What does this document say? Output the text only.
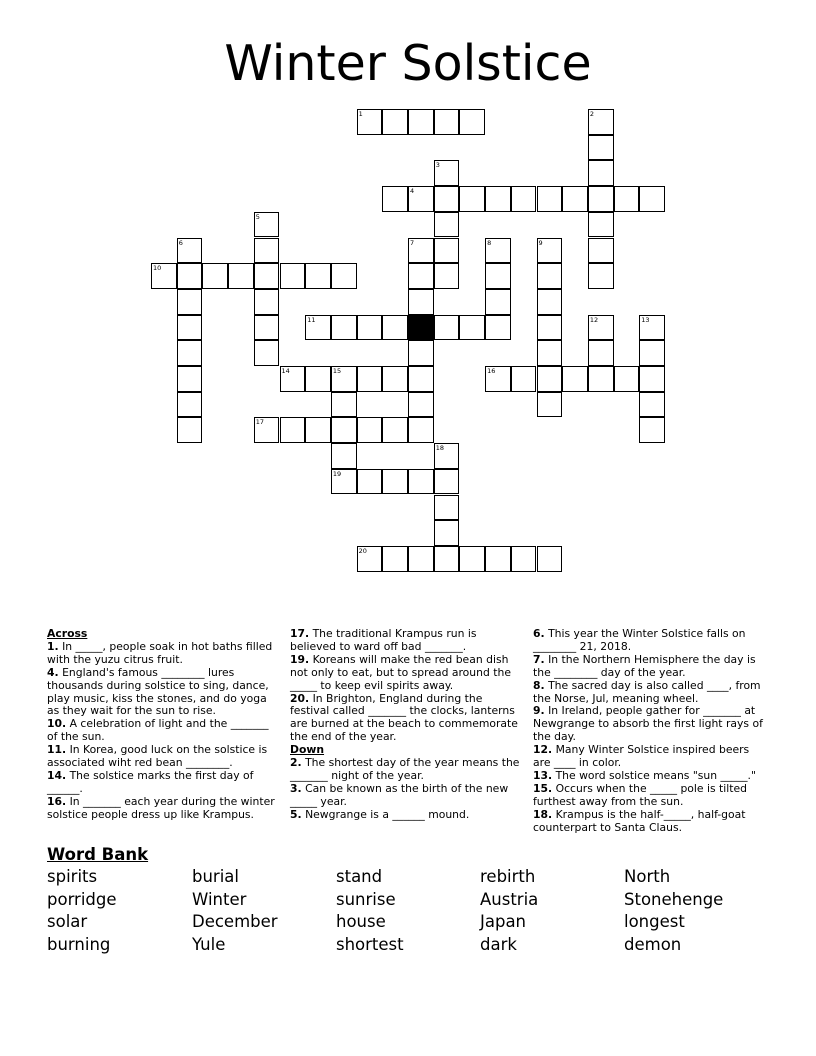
Winter Solstice
1
4
10
11
14	15	16
17
19
20
2
3
5
6	7	8	9
12	13
18
Across
1. In _____, people soak in hot baths filled with the yuzu citrus fruit.
4. England's famous ________ lures thousands during solstice to sing, dance, play music, kiss the stones, and do yoga as they wait for the sun to rise.
10. A celebration of light and the _______ of the sun.
11. In Korea, good luck on the solstice is associated wiht red bean ________.
14. The solstice marks the first day of ______.
16. In _______ each year during the winter solstice people dress up like Krampus.
17. The traditional Krampus run is believed to ward off bad _______.
19. Koreans will make the red bean dish not only to eat, but to spread around the _____ to keep evil spirits away.
20. In Brighton, England during the festival called _______ the clocks, lanterns are burned at the beach to commemorate the end of the year.
Down
2. The shortest day of the year means the _______ night of the year.
3. Can be known as the birth of the new _____ year.
5. Newgrange is a ______ mound.
6. This year the Winter Solstice falls on ________ 21, 2018.
7. In the Northern Hemisphere the day is the ________ day of the year.
8. The sacred day is also called ____, from the Norse, Jul, meaning wheel.
9. In Ireland, people gather for _______ at Newgrange to absorb the first light rays of the day.
12. Many Winter Solstice inspired beers are ____ in color.
13. The word solstice means "sun _____."
15. Occurs when the _____ pole is tilted furthest away from the sun.
18. Krampus is the half-_____, half-goat counterpart to Santa Claus.
Word Bank
spirits
porridge
solar
burning
burial
Winter
December
Yule
stand
sunrise
house
shortest
rebirth
Austria
Japan
dark
North
Stonehenge
longest
demon
